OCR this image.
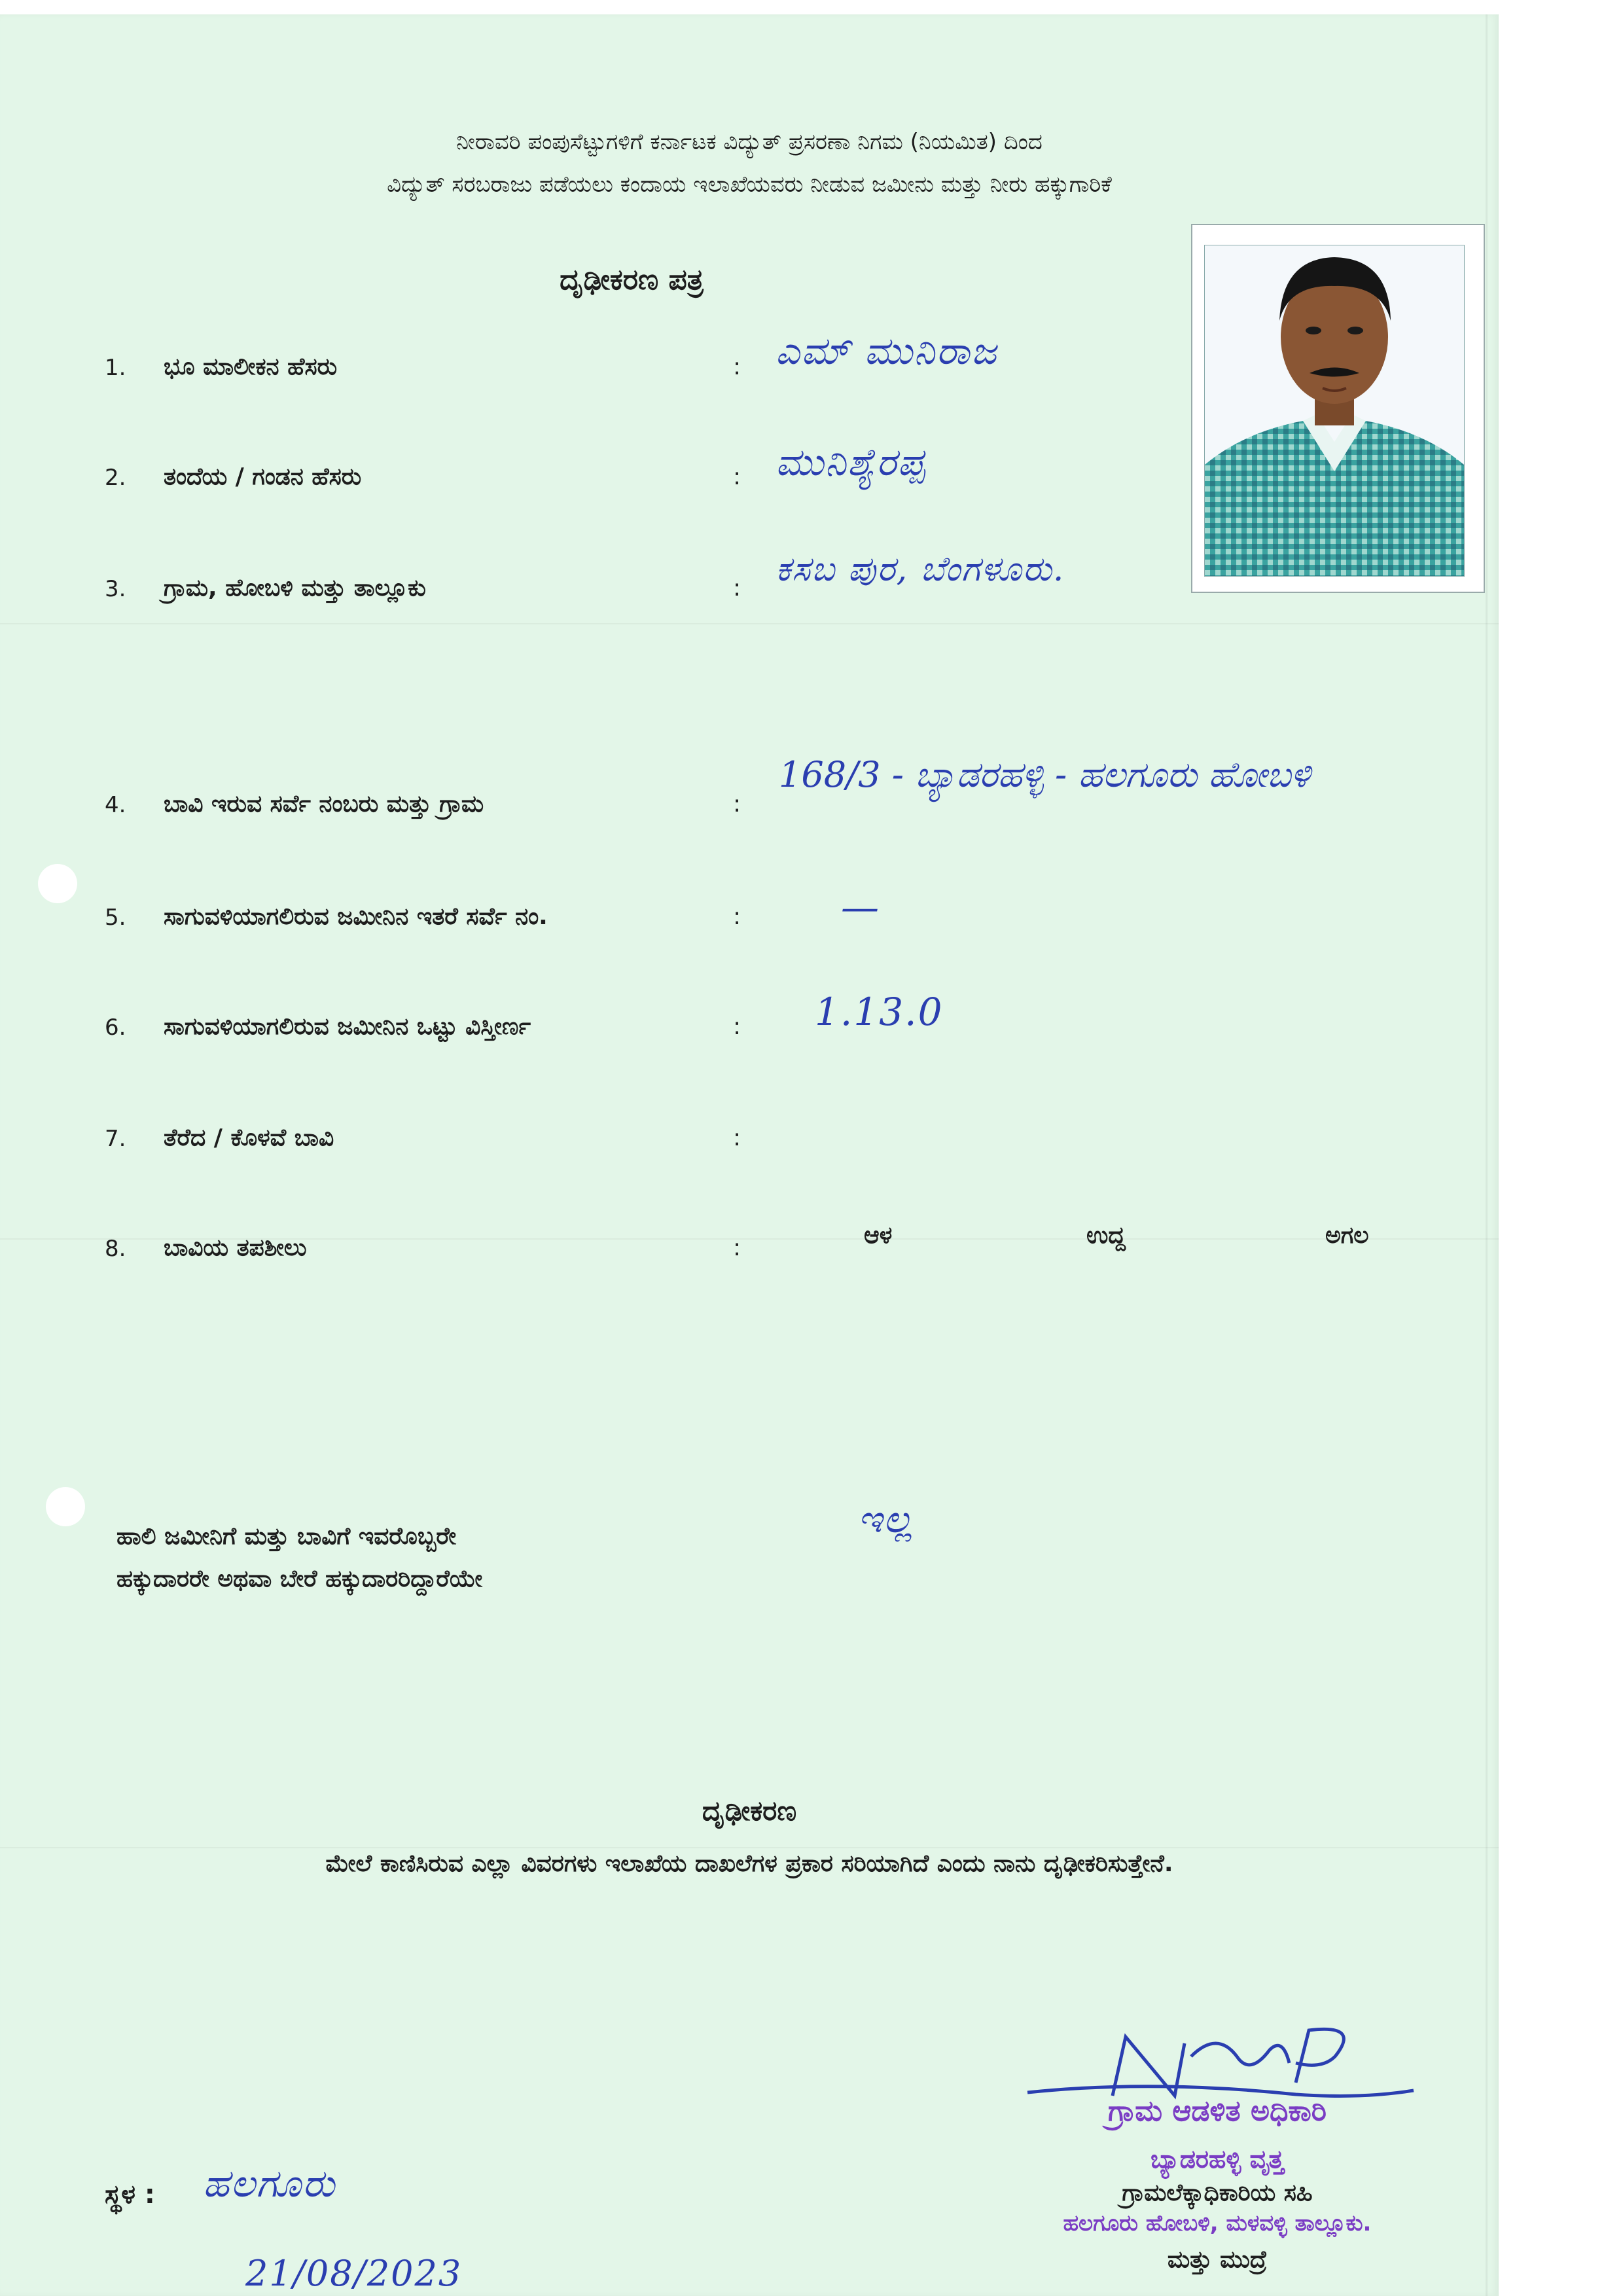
ನೀರಾವರಿ ಪಂಪುಸೆಟ್ಟುಗಳಿಗೆ ಕರ್ನಾಟಕ ವಿದ್ಯುತ್ ಪ್ರಸರಣಾ ನಿಗಮ (ನಿಯಮಿತ) ದಿಂದ
ವಿದ್ಯುತ್ ಸರಬರಾಜು ಪಡೆಯಲು ಕಂದಾಯ ಇಲಾಖೆಯವರು ನೀಡುವ ಜಮೀನು ಮತ್ತು ನೀರು ಹಕ್ಕುಗಾರಿಕೆ
ದೃಢೀಕರಣ ಪತ್ರ
1. ಭೂ ಮಾಲೀಕನ ಹೆಸರು	: ಎಮ್ ಮುನಿರಾಜ
2. ತಂದೆಯ / ಗಂಡನ ಹೆಸರು	: ಮುನಿಶ್ಯೆರಪ್ಪ
3. ಗ್ರಾಮ, ಹೋಬಳಿ ಮತ್ತು ತಾಲ್ಲೂಕು	: ಕಸಬ ಪುರ, ಬೆಂಗಳೂರು.
4. ಬಾವಿ ಇರುವ ಸರ್ವೆ ನಂಬರು ಮತ್ತು ಗ್ರಾಮ	:
168/3 - ಬ್ಯಾಡರಹಳ್ಳಿ - ಹಲಗೂರು ಹೋಬಳಿ
5. ಸಾಗುವಳಿಯಾಗಲಿರುವ ಜಮೀನಿನ ಇತರೆ ಸರ್ವೆ ನಂ.	:	—
6. ಸಾಗುವಳಿಯಾಗಲಿರುವ ಜಮೀನಿನ ಒಟ್ಟು ವಿಸ್ತೀರ್ಣ	: 1.13.0
7. ತೆರೆದ / ಕೊಳವೆ ಬಾವಿ	:
8. ಬಾವಿಯ ತಪಶೀಲು	:	ಆಳ	ಉದ್ದ	ಅಗಲ
ಹಾಲಿ ಜಮೀನಿಗೆ ಮತ್ತು ಬಾವಿಗೆ ಇವರೊಬ್ಬರೇ
ಹಕ್ಕುದಾರರೇ ಅಥವಾ ಬೇರೆ ಹಕ್ಕುದಾರರಿದ್ದಾರೆಯೇ
ಇಲ್ಲ
ದೃಢೀಕರಣ
ಮೇಲೆ ಕಾಣಿಸಿರುವ ಎಲ್ಲಾ ವಿವರಗಳು ಇಲಾಖೆಯ ದಾಖಲೆಗಳ ಪ್ರಕಾರ ಸರಿಯಾಗಿದೆ ಎಂದು ನಾನು ದೃಢೀಕರಿಸುತ್ತೇನೆ.
ಸ್ಥಳ : ಹಲಗೂರು
21/08/2023
ಗ್ರಾಮ ಆಡಳಿತ ಅಧಿಕಾರಿ
ಬ್ಯಾಡರಹಳ್ಳಿ ವೃತ್ತ
ಗ್ರಾಮಲೆಕ್ಕಾಧಿಕಾರಿಯ ಸಹಿ
ಹಲಗೂರು ಹೋಬಳಿ, ಮಳವಳ್ಳಿ ತಾಲ್ಲೂಕು.
ಮತ್ತು ಮುದ್ರೆ
